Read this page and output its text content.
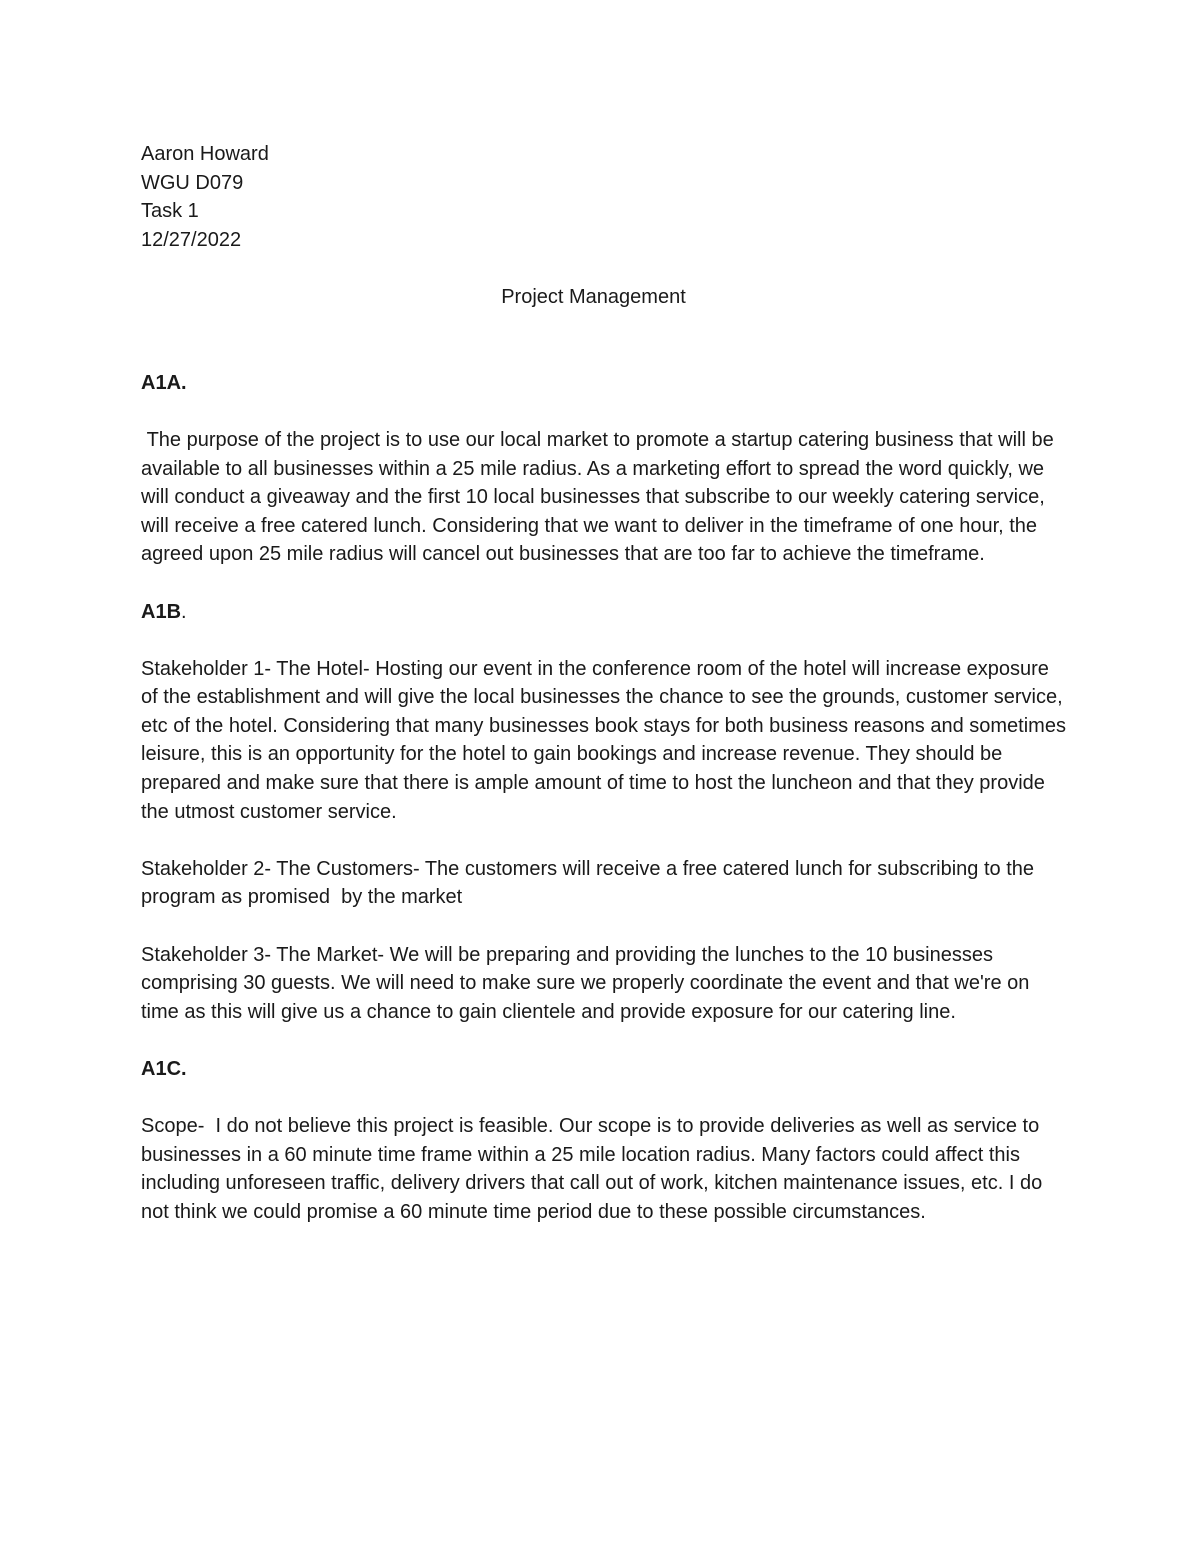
Aaron Howard

WGU D079

Task 1

12/27/2022

Project Management

A1A.

The purpose of the project is to use our local market to promote a startup catering business that will be available to all businesses within a 25 mile radius. As a marketing effort to spread the word quickly, we will conduct a giveaway and the first 10 local businesses that subscribe to our weekly catering service, will receive a free catered lunch. Considering that we want to deliver in the timeframe of one hour, the agreed upon 25 mile radius will cancel out businesses that are too far to achieve the timeframe.

A1B.

Stakeholder 1- The Hotel- Hosting our event in the conference room of the hotel will increase exposure of the establishment and will give the local businesses the chance to see the grounds, customer service, etc of the hotel. Considering that many businesses book stays for both business reasons and sometimes leisure, this is an opportunity for the hotel to gain bookings and increase revenue. They should be prepared and make sure that there is ample amount of time to host the luncheon and that they provide the utmost customer service.

Stakeholder 2- The Customers- The customers will receive a free catered lunch for subscribing to the program as promised  by the market

Stakeholder 3- The Market- We will be preparing and providing the lunches to the 10 businesses comprising 30 guests. We will need to make sure we properly coordinate the event and that we're on time as this will give us a chance to gain clientele and provide exposure for our catering line.

A1C.

Scope-  I do not believe this project is feasible. Our scope is to provide deliveries as well as service to businesses in a 60 minute time frame within a 25 mile location radius. Many factors could affect this including unforeseen traffic, delivery drivers that call out of work, kitchen maintenance issues, etc. I do not think we could promise a 60 minute time period due to these possible circumstances.
